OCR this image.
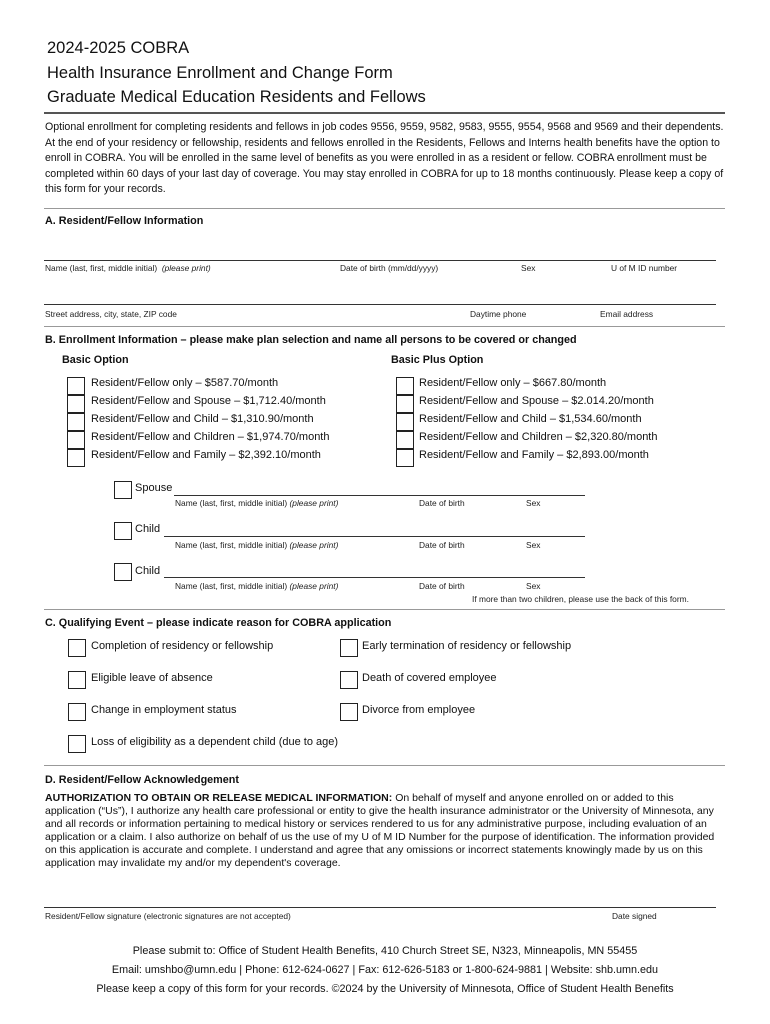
2024-2025 COBRA
Health Insurance Enrollment and Change Form
Graduate Medical Education Residents and Fellows
Optional enrollment for completing residents and fellows in job codes 9556, 9559, 9582, 9583, 9555, 9554, 9568 and 9569 and their dependents. At the end of your residency or fellowship, residents and fellows enrolled in the Residents, Fellows and Interns health benefits have the option to enroll in COBRA. You will be enrolled in the same level of benefits as you were enrolled in as a resident or fellow. COBRA enrollment must be completed within 60 days of your last day of coverage. You may stay enrolled in COBRA for up to 18 months continuously. Please keep a copy of this form for your records.
A. Resident/Fellow Information
Name (last, first, middle initial) (please print)	Date of birth (mm/dd/yyyy)	Sex	U of M ID number
Street address, city, state, ZIP code	Daytime phone	Email address
B. Enrollment Information – please make plan selection and name all persons to be covered or changed
Basic Option	Basic Plus Option
Resident/Fellow only – $587.70/month
Resident/Fellow and Spouse – $1,712.40/month
Resident/Fellow and Child – $1,310.90/month
Resident/Fellow and Children – $1,974.70/month
Resident/Fellow and Family – $2,392.10/month
Resident/Fellow only – $667.80/month
Resident/Fellow and Spouse – $2.014.20/month
Resident/Fellow and Child – $1,534.60/month
Resident/Fellow and Children – $2,320.80/month
Resident/Fellow and Family – $2,893.00/month
Spouse
Name (last, first, middle initial) (please print)	Date of birth	Sex
Child
Name (last, first, middle initial) (please print)	Date of birth	Sex
Child
Name (last, first, middle initial) (please print)	Date of birth	Sex
If more than two children, please use the back of this form.
C. Qualifying Event – please indicate reason for COBRA application
Completion of residency or fellowship	Early termination of residency or fellowship
Eligible leave of absence	Death of covered employee
Change in employment status	Divorce from employee
Loss of eligibility as a dependent child (due to age)
D. Resident/Fellow Acknowledgement
AUTHORIZATION TO OBTAIN OR RELEASE MEDICAL INFORMATION: On behalf of myself and anyone enrolled on or added to this application (“Us”), I authorize any health care professional or entity to give the health insurance administrator or the University of Minnesota, any and all records or information pertaining to medical history or services rendered to us for any administrative purpose, including evaluation of an application or a claim. I also authorize on behalf of us the use of my U of M ID Number for the purpose of identification. The information provided on this application is accurate and complete. I understand and agree that any omissions or incorrect statements knowingly made by us on this application may invalidate my and/or my dependent's coverage.
Resident/Fellow signature (electronic signatures are not accepted)	Date signed
Please submit to: Office of Student Health Benefits, 410 Church Street SE, N323, Minneapolis, MN 55455
Email: umshbo@umn.edu | Phone: 612-624-0627 | Fax: 612-626-5183 or 1-800-624-9881 | Website: shb.umn.edu
Please keep a copy of this form for your records. ©2024 by the University of Minnesota, Office of Student Health Benefits
